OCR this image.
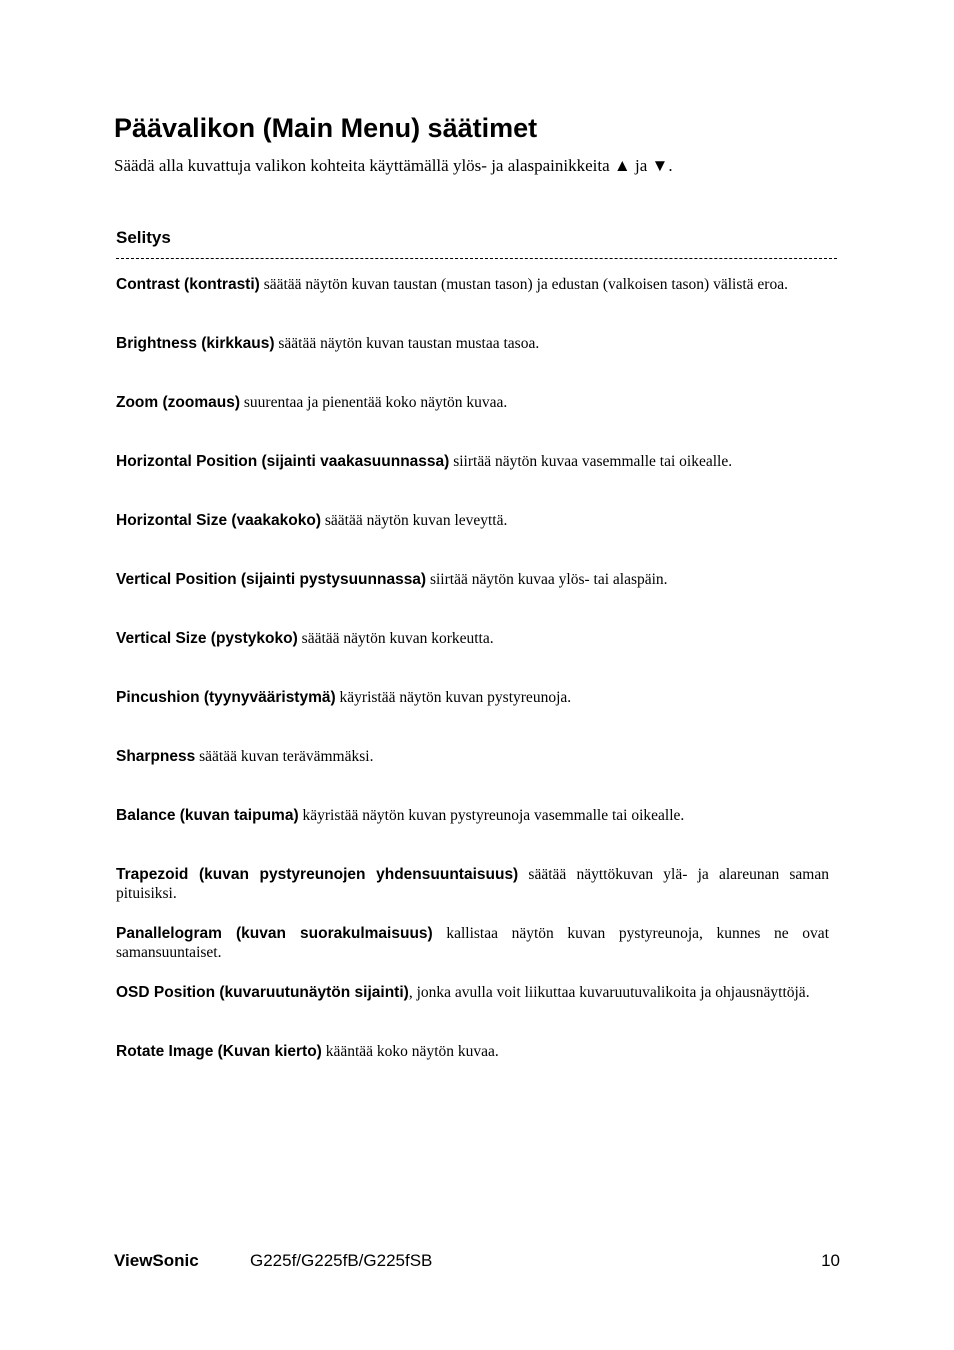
Päävalikon (Main Menu) säätimet

Säädä alla kuvattuja valikon kohteita käyttämällä ylös- ja alaspainikkeita ▲ ja ▼.

Selitys

Contrast (kontrasti) säätää näytön kuvan taustan (mustan tason) ja edustan (valkoisen tason) välistä eroa.

Brightness (kirkkaus) säätää näytön kuvan taustan mustaa tasoa.

Zoom (zoomaus) suurentaa ja pienentää koko näytön kuvaa.

Horizontal Position (sijainti vaakasuunnassa) siirtää näytön kuvaa vasemmalle tai oikealle.

Horizontal Size (vaakakoko) säätää näytön kuvan leveyttä.

Vertical Position (sijainti pystysuunnassa) siirtää näytön kuvaa ylös- tai alaspäin.

Vertical Size (pystykoko) säätää näytön kuvan korkeutta.

Pincushion (tyynyvääristymä) käyristää näytön kuvan pystyreunoja.

Sharpness säätää kuvan terävämmäksi.

Balance (kuvan taipuma) käyristää näytön kuvan pystyreunoja vasemmalle tai oikealle.

Trapezoid (kuvan pystyreunojen yhdensuuntaisuus) säätää näyttökuvan ylä- ja alareunan saman pituisiksi.

Panallelogram (kuvan suorakulmaisuus) kallistaa näytön kuvan pystyreunoja, kunnes ne ovat samansuuntaiset.

OSD Position (kuvaruutunäytön sijainti), jonka avulla voit liikuttaa kuvaruutuvalikoita ja ohjausnäyttöjä.

Rotate Image (Kuvan kierto) kääntää koko näytön kuvaa.

ViewSonic	G225f/G225fB/G225fSB	10
